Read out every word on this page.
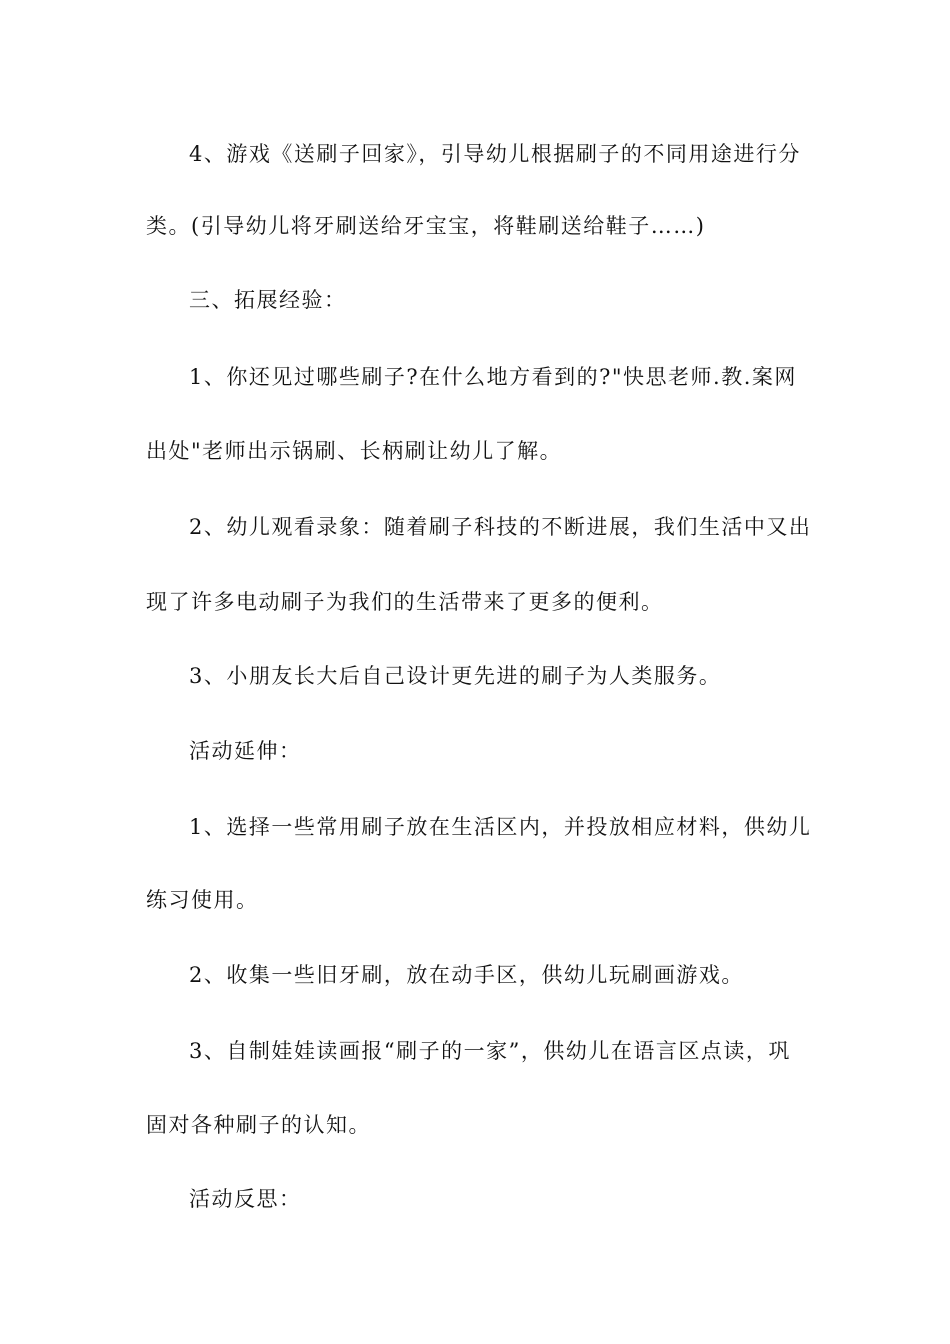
4、游戏《送刷子回家》，引导幼儿根据刷子的不同用途进行分
类。(引导幼儿将牙刷送给牙宝宝，将鞋刷送给鞋子……)
三、拓展经验：
1、你还见过哪些刷子?在什么地方看到的?"快思老师.教.案网
出处"老师出示锅刷、长柄刷让幼儿了解。
2、幼儿观看录象：随着刷子科技的不断进展，我们生活中又出
现了许多电动刷子为我们的生活带来了更多的便利。
3、小朋友长大后自己设计更先进的刷子为人类服务。
活动延伸：
1、选择一些常用刷子放在生活区内，并投放相应材料，供幼儿
练习使用。
2、收集一些旧牙刷，放在动手区，供幼儿玩刷画游戏。
3、自制娃娃读画报“刷子的一家”，供幼儿在语言区点读，巩
固对各种刷子的认知。
活动反思：
